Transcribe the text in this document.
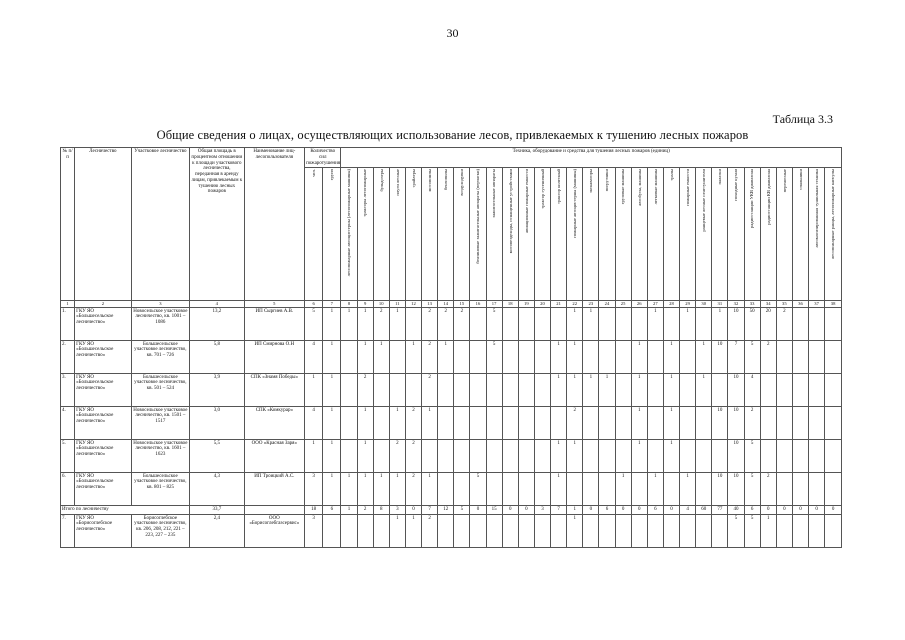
30
Таблица 3.3
Общие сведения о лицах, осуществляющих использование лесов, привлекаемых к тушению лесных пожаров
№ п/п	Лесничество	Участковое лесничество	Общая площадь в процентном отношении к площади участкового лесничества, переданная в аренду лицам, привлекаемым к тушению лесных пожаров	Наименование лиц-лесопользователя	Количество сил пожаротушения		Техника, оборудование и средства для тушения лесных пожаров (единиц)																														
					чел.	групп	лесопожарные автоцистерны (лесопожарные машины)	тракторы лесопожарные	бульдозеры	плуги лесные	трайлеры	мотопомпы	бензопилы	воздуходувки	бензиновые зажигательные аппараты (перчатки)	зажигательные аппараты	мотовездеходы, оснащенные устройствами	авиационные пожарные емкости	трактор гусеничный	трактор колесный	пожарные автоцистерны (машины)	экскаваторы	погрузчики	грузовые машины	автобусы, машины	легковые машины	тралы	пожарные емкости	ранцевые лесные огнетушители	палатки	походные кухни	радиостанции УКВ диапазона	радиостанции КВ диапазона	переносные	спальники	автоматизированная тушильная техника	лесопожарные ранцы, лесопожарные капсулы
1	2	3	4	5	6	7	8	9	10	11	12	13	14	15	16	17	18	19	20	21	22	23	24	25	26	27	28	29	30	31	32	33	34	35	36	37	38
1.	ГКУ ЯО «Большесельское лесничество»	Новосельское участковое лесничество, кв. 1001 – 1086	13,2	ИП Сыргиев А.В.	5	1	1	1	2	1		2	2	2		5					1	1				1		1		1	10	50	20	2			
2.	ГКУ ЯО «Большесельское лесничество»	Большесельское участковое лесничество, кв. 701 – 726	5,8	ИП Смирнова О.Н	4	1		1	1		1	2	1			5				1	1				1		1		1	10	7	5	2				
3.	ГКУ ЯО «Большесельское лесничество»	Большесельское участковое лесничество, кв. 501 – 524	3,9	СПК «Знамя Победы»	1	1		2				2								1	1	1	1		1		1		1		10	4					
4.	ГКУ ЯО «Большесельское лесничество»	Новосельское участковое лесничество, кв. 1501 – 1517	3,0	СПК «Комкурар»	4	1		1		1	2	1									2				1		1			10	10	2					
5.	ГКУ ЯО «Большесельское лесничество»	Новосельское участковое лесничество, кв. 1601 – 1623	5,5	ООО «Красная Заря»	1	1		1		2	2									1	1				1		1				10	5					
6.	ГКУ ЯО «Большесельское лесничество»	Большесельское участковое лесничество, кв. 801 – 825	4,3	ИП Троицкий А.С.	3	1	1	1	1	1	2	1			5					1				1		1		1		10	10	5	2				
Итого по лесничеству			33,7		18	6	1	2	8	3	0	7	12	5	0	15	0	0	3	7	1	0	6	0	0	6	0	4	60	77	40	6	0	0	0	0	0
7.	ГКУ ЯО «Борисоглебское лесничество»	Борисоглебское участковое лесничество, кв. 206, 208, 212, 221 – 223, 227 – 235	2,4	ООО «Борисоглебгазсервис»	3					1	1	2									1										5	5	1				
